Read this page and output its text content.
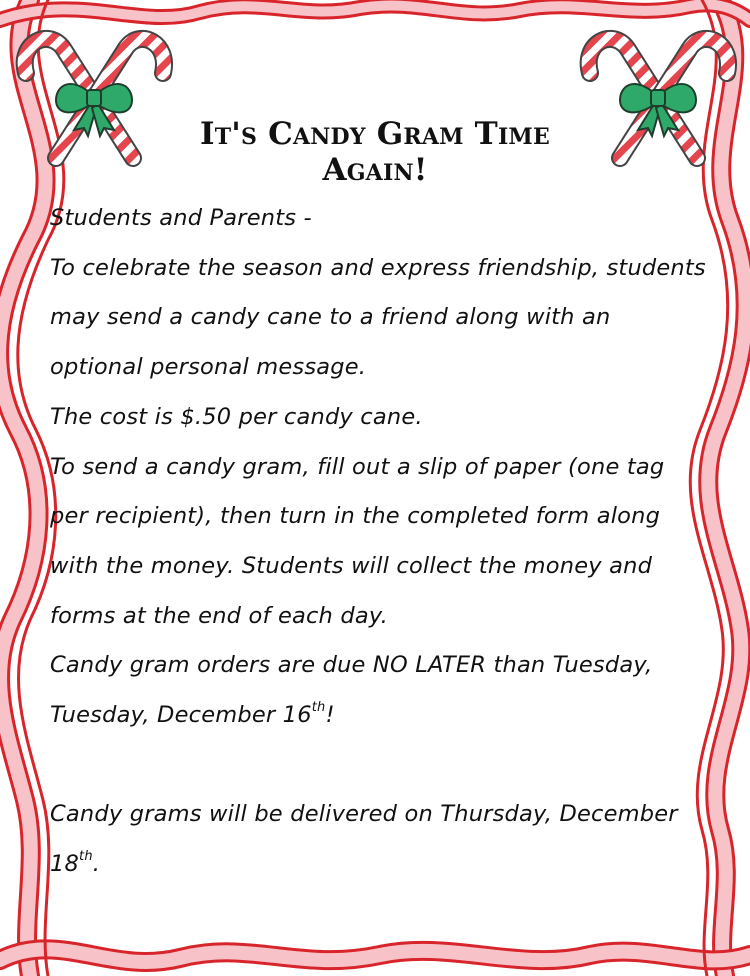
It's Candy Gram Time Again!
Students and Parents -
To celebrate the season and express friendship, students
may send a candy cane to a friend along with an
optional personal message.
The cost is $.50 per candy cane.
To send a candy gram, fill out a slip of paper (one tag
per recipient), then turn in the completed form along
with the money. Students will collect the money and
forms at the end of each day.
Candy gram orders are due NO LATER than Tuesday,
Tuesday, December 16th!
Candy grams will be delivered on Thursday, December
18th.
